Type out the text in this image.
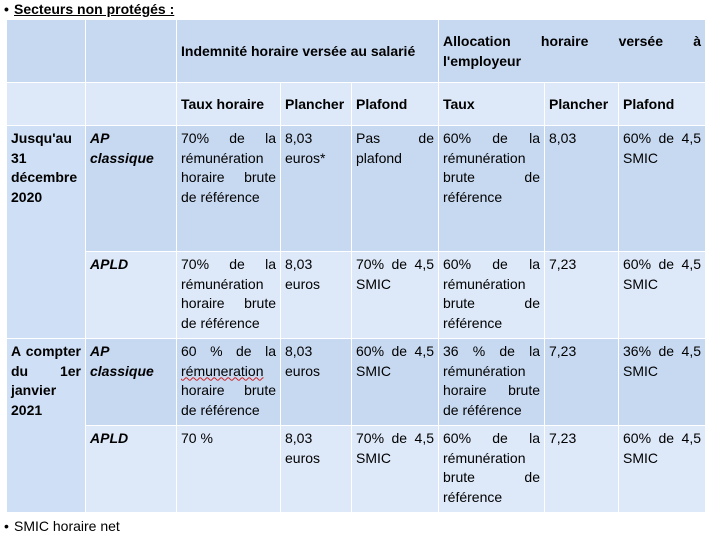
• Secteurs non protégés :
		Indemnité horaire versée au salarié			Allocation horaire versée à l'employeur		
		Taux horaire	Plancher	Plafond	Taux	Plancher	Plafond
Jusqu'au 31 décembre 2020	AP classique	70% de la rémunération horaire brute de référence	8,03 euros*	Pas de plafond	60% de la rémunération brute de référence	8,03	60% de 4,5 SMIC
	APLD	70% de la rémunération horaire brute de référence	8,03 euros	70% de 4,5 SMIC	60% de la rémunération brute de référence	7,23	60% de 4,5 SMIC
A compter du 1er janvier 2021	AP classique	60 % de la rémuneration horaire brute de référence	8,03 euros	60% de 4,5 SMIC	36 % de la rémunération horaire brute de référence	7,23	36% de 4,5 SMIC
	APLD	70 %	8,03 euros	70% de 4,5 SMIC	60% de la rémunération brute de référence	7,23	60% de 4,5 SMIC
• SMIC horaire net
